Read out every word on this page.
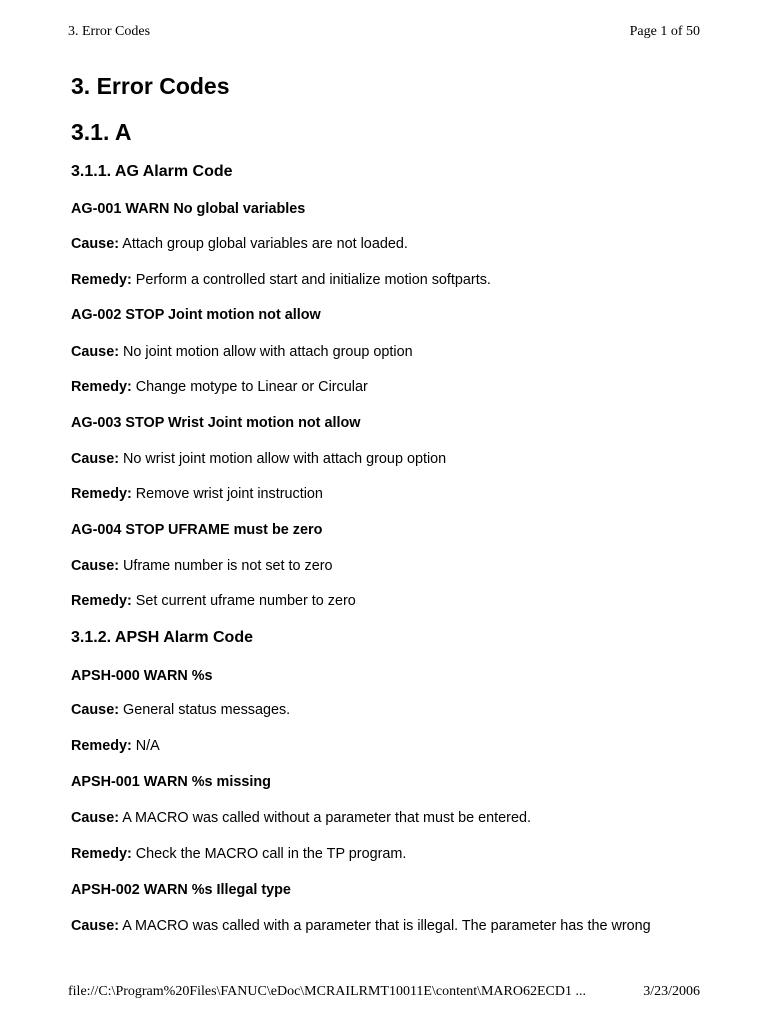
3. Error Codes	Page 1 of 50
3. Error Codes
3.1. A
3.1.1. AG Alarm Code
AG-001 WARN No global variables
Cause: Attach group global variables are not loaded.
Remedy: Perform a controlled start and initialize motion softparts.
AG-002 STOP Joint motion not allow
Cause: No joint motion allow with attach group option
Remedy: Change motype to Linear or Circular
AG-003 STOP Wrist Joint motion not allow
Cause: No wrist joint motion allow with attach group option
Remedy: Remove wrist joint instruction
AG-004 STOP UFRAME must be zero
Cause: Uframe number is not set to zero
Remedy: Set current uframe number to zero
3.1.2. APSH Alarm Code
APSH-000 WARN %s
Cause: General status messages.
Remedy: N/A
APSH-001 WARN %s missing
Cause: A MACRO was called without a parameter that must be entered.
Remedy: Check the MACRO call in the TP program.
APSH-002 WARN %s Illegal type
Cause: A MACRO was called with a parameter that is illegal. The parameter has the wrong
file://C:\Program%20Files\FANUC\eDoc\MCRAILRMT10011E\content\MARO62ECD1 ...	3/23/2006
